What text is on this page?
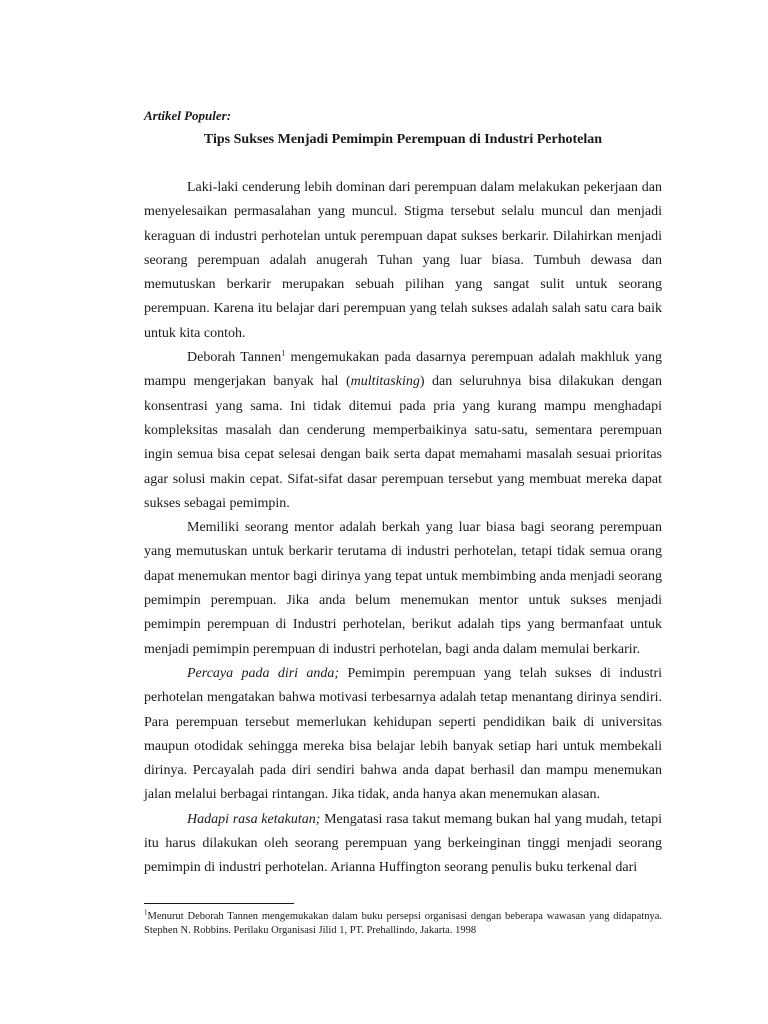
Artikel Populer:

Tips Sukses Menjadi Pemimpin Perempuan di Industri Perhotelan

Laki-laki cenderung lebih dominan dari perempuan dalam melakukan pekerjaan dan menyelesaikan permasalahan yang muncul. Stigma tersebut selalu muncul dan menjadi keraguan di industri perhotelan untuk perempuan dapat sukses berkarir. Dilahirkan menjadi seorang perempuan adalah anugerah Tuhan yang luar biasa. Tumbuh dewasa dan memutuskan berkarir merupakan sebuah pilihan yang sangat sulit untuk seorang perempuan. Karena itu belajar dari perempuan yang telah sukses adalah salah satu cara baik untuk kita contoh.

Deborah Tannen$^1$ mengemukakan pada dasarnya perempuan adalah makhluk yang mampu mengerjakan banyak hal (multitasking) dan seluruhnya bisa dilakukan dengan konsentrasi yang sama. Ini tidak ditemui pada pria yang kurang mampu menghadapi kompleksitas masalah dan cenderung memperbaikinya satu-satu, sementara perempuan ingin semua bisa cepat selesai dengan baik serta dapat memahami masalah sesuai prioritas agar solusi makin cepat. Sifat-sifat dasar perempuan tersebut yang membuat mereka dapat sukses sebagai pemimpin.

Memiliki seorang mentor adalah berkah yang luar biasa bagi seorang perempuan yang memutuskan untuk berkarir terutama di industri perhotelan, tetapi tidak semua orang dapat menemukan mentor bagi dirinya yang tepat untuk membimbing anda menjadi seorang pemimpin perempuan. Jika anda belum menemukan mentor untuk sukses menjadi pemimpin perempuan di Industri perhotelan, berikut adalah tips yang bermanfaat untuk menjadi pemimpin perempuan di industri perhotelan, bagi anda dalam memulai berkarir.

Percaya pada diri anda; Pemimpin perempuan yang telah sukses di industri perhotelan mengatakan bahwa motivasi terbesarnya adalah tetap menantang dirinya sendiri. Para perempuan tersebut memerlukan kehidupan seperti pendidikan baik di universitas maupun otodidak sehingga mereka bisa belajar lebih banyak setiap hari untuk membekali dirinya. Percayalah pada diri sendiri bahwa anda dapat berhasil dan mampu menemukan jalan melalui berbagai rintangan. Jika tidak, anda hanya akan menemukan alasan.

Hadapi rasa ketakutan; Mengatasi rasa takut memang bukan hal yang mudah, tetapi itu harus dilakukan oleh seorang perempuan yang berkeinginan tinggi menjadi seorang pemimpin di industri perhotelan. Arianna Huffington seorang penulis buku terkenal dari

$^1$Menurut Deborah Tannen mengemukakan dalam buku persepsi organisasi dengan beberapa wawasan yang didapatnya. Stephen N. Robbins. Perilaku Organisasi Jilid 1, PT. Prehallindo, Jakarta. 1998
